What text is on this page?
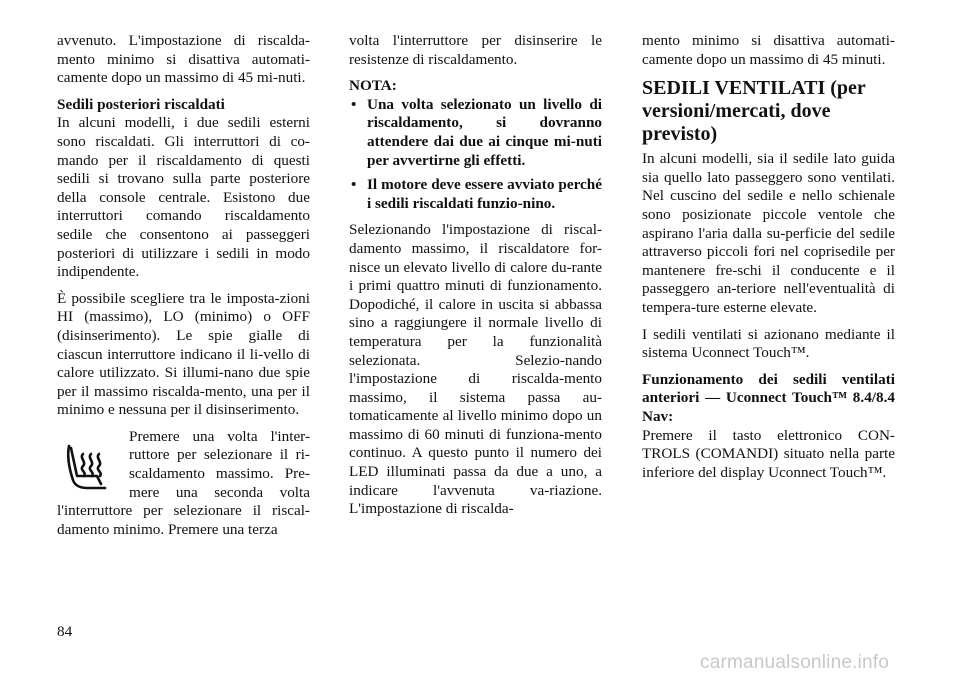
avvenuto. L'impostazione di riscalda-mento minimo si disattiva automati-camente dopo un massimo di 45 mi-nuti.

Sedili posteriori riscaldati

In alcuni modelli, i due sedili esterni sono riscaldati. Gli interruttori di co-mando per il riscaldamento di questi sedili si trovano sulla parte posteriore della console centrale. Esistono due interruttori comando riscaldamento sedile che consentono ai passeggeri posteriori di utilizzare i sedili in modo indipendente.

È possibile scegliere tra le imposta-zioni HI (massimo), LO (minimo) o OFF (disinserimento). Le spie gialle di ciascun interruttore indicano il li-vello di calore utilizzato. Si illumi-nano due spie per il massimo riscalda-mento, una per il minimo e nessuna per il disinserimento.

Premere una volta l'inter-ruttore per selezionare il ri-scaldamento massimo. Pre-mere una seconda volta l'interruttore per selezionare il riscal-damento minimo. Premere una terza

volta l'interruttore per disinserire le resistenze di riscaldamento.

NOTA:

• Una volta selezionato un livello di riscaldamento, si dovranno attendere dai due ai cinque mi-nuti per avvertirne gli effetti.
• Il motore deve essere avviato perché i sedili riscaldati funzio-nino.

Selezionando l'impostazione di riscal-damento massimo, il riscaldatore for-nisce un elevato livello di calore du-rante i primi quattro minuti di funzionamento. Dopodiché, il calore in uscita si abbassa sino a raggiungere il normale livello di temperatura per la funzionalità selezionata. Selezio-nando l'impostazione di riscalda-mento massimo, il sistema passa au-tomaticamente al livello minimo dopo un massimo di 60 minuti di funziona-mento continuo. A questo punto il numero dei LED illuminati passa da due a uno, a indicare l'avvenuta va-riazione. L'impostazione di riscalda-

mento minimo si disattiva automati-camente dopo un massimo di 45 minuti.

SEDILI VENTILATI (per versioni/mercati, dove previsto)

In alcuni modelli, sia il sedile lato guida sia quello lato passeggero sono ventilati. Nel cuscino del sedile e nello schienale sono posizionate piccole ventole che aspirano l'aria dalla su-perficie del sedile attraverso piccoli fori nel coprisedile per mantenere fre-schi il conducente e il passeggero an-teriore nell'eventualità di tempera-ture esterne elevate.

I sedili ventilati si azionano mediante il sistema Uconnect Touch™.

Funzionamento dei sedili ventilati anteriori — Uconnect Touch™ 8.4/8.4 Nav:

Premere il tasto elettronico CON-TROLS (COMANDI) situato nella parte inferiore del display Uconnect Touch™.

84
carmanualsonline.info
